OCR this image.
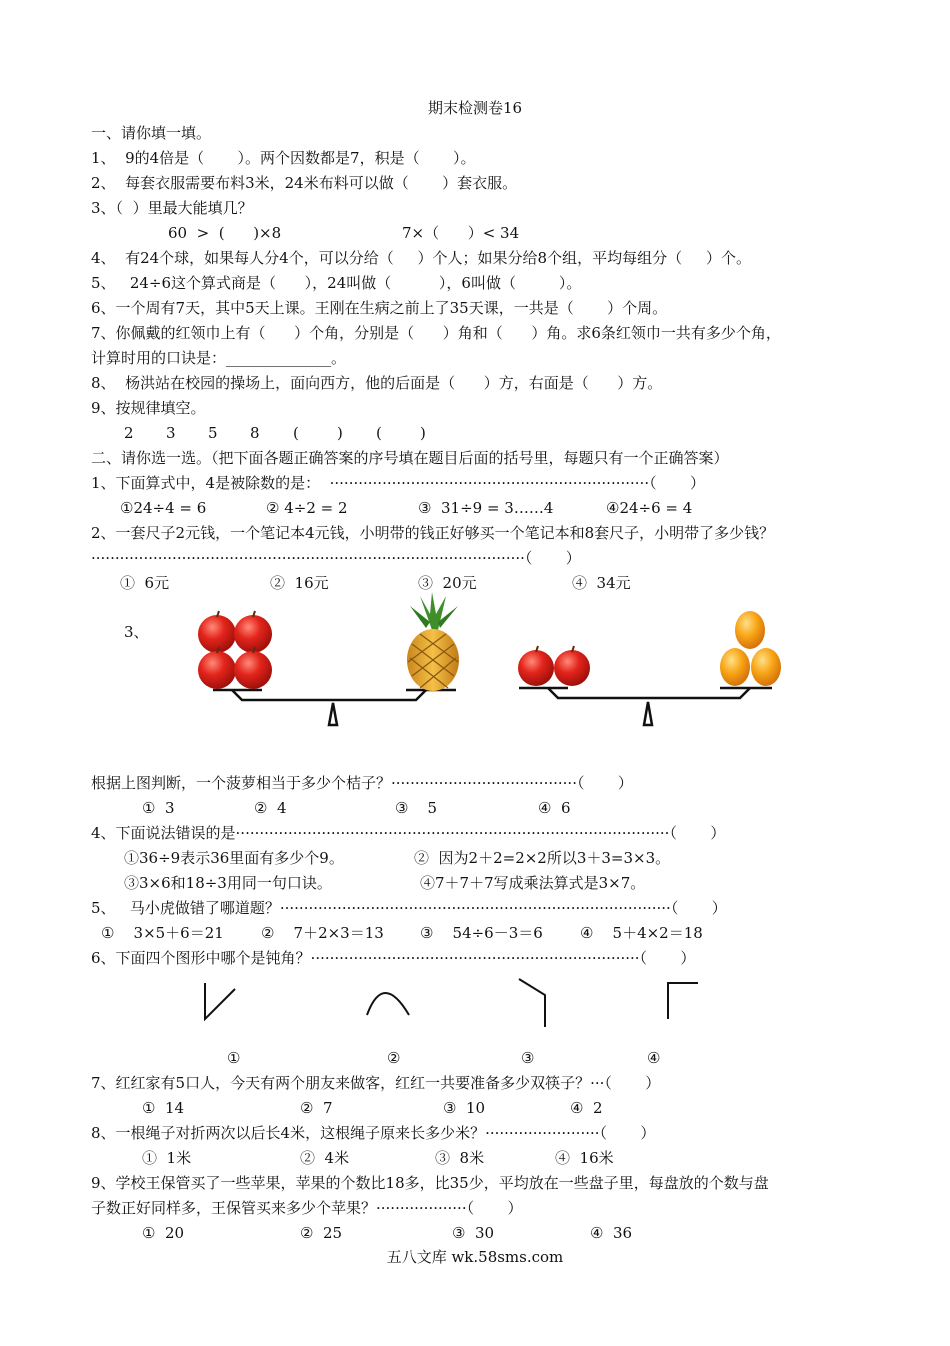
期末检测卷16
一、请你填一填。
1、  9的4倍是（       ）。两个因数都是7，积是（       ）。
2、  每套衣服需要布料3米，24米布料可以做（       ）套衣服。
3、（  ）里最大能填几？
60  >  (      )×8	7×（      ）< 34
4、  有24个球，如果每人分4个，可以分给（     ）个人；如果分给8个组，平均每组分（     ）个。
5、   24÷6这个算式商是（      ），24叫做（          ），6叫做（         ）。
6、一个周有7天，其中5天上课。王刚在生病之前上了35天课，一共是（       ）个周。
7、你佩戴的红领巾上有（      ）个角，分别是（      ）角和（      ）角。求6条红领巾一共有多少个角，
计算时用的口诀是：______________。
8、  杨洪站在校园的操场上，面向西方，他的后面是（      ）方，右面是（      ）方。
9、按规律填空。
2 3 5 8 (        ) (        )
二、请你选一选。（把下面各题正确答案的序号填在题目后面的括号里，每题只有一个正确答案）
1、下面算式中，4是被除数的是：  ···································································（       ）
①24÷4 = 6	② 4÷2 = 2	③  31÷9 = 3……4	④24÷6 = 4
2、一套尺子2元钱，一个笔记本4元钱，小明带的钱正好够买一个笔记本和8套尺子，小明带了多少钱？
···························································································（       ）
①  6元	②  16元	③  20元	④  34元
3、
根据上图判断，一个菠萝相当于多少个桔子？·······································（       ）
①  3	②  4	③    5	④  6
4、下面说法错误的是···························································································（       ）
①36÷9表示36里面有多少个9。	②  因为2＋2=2×2所以3＋3=3×3。
③3×6和18÷3用同一句口诀。	④7＋7＋7写成乘法算式是3×7。
5、   马小虎做错了哪道题？··················································································（       ）
①    3×5＋6＝21 ②    7＋2×3＝13 ③    54÷6－3＝6 ④    5＋4×2＝18
6、下面四个图形中哪个是钝角？·····································································（       ）
①	②	③	④
7、红红家有5口人，今天有两个朋友来做客，红红一共要准备多少双筷子？···（       ）
①  14	②  7	③  10	④  2
8、一根绳子对折两次以后长4米，这根绳子原来长多少米？························（       ）
①  1米	②  4米	③  8米	④  16米
9、学校王保管买了一些苹果，苹果的个数比18多，比35少，平均放在一些盘子里，每盘放的个数与盘
子数正好同样多，王保管买来多少个苹果？···················（       ）
①  20	②  25	③  30	④  36
五八文库 wk.58sms.com
